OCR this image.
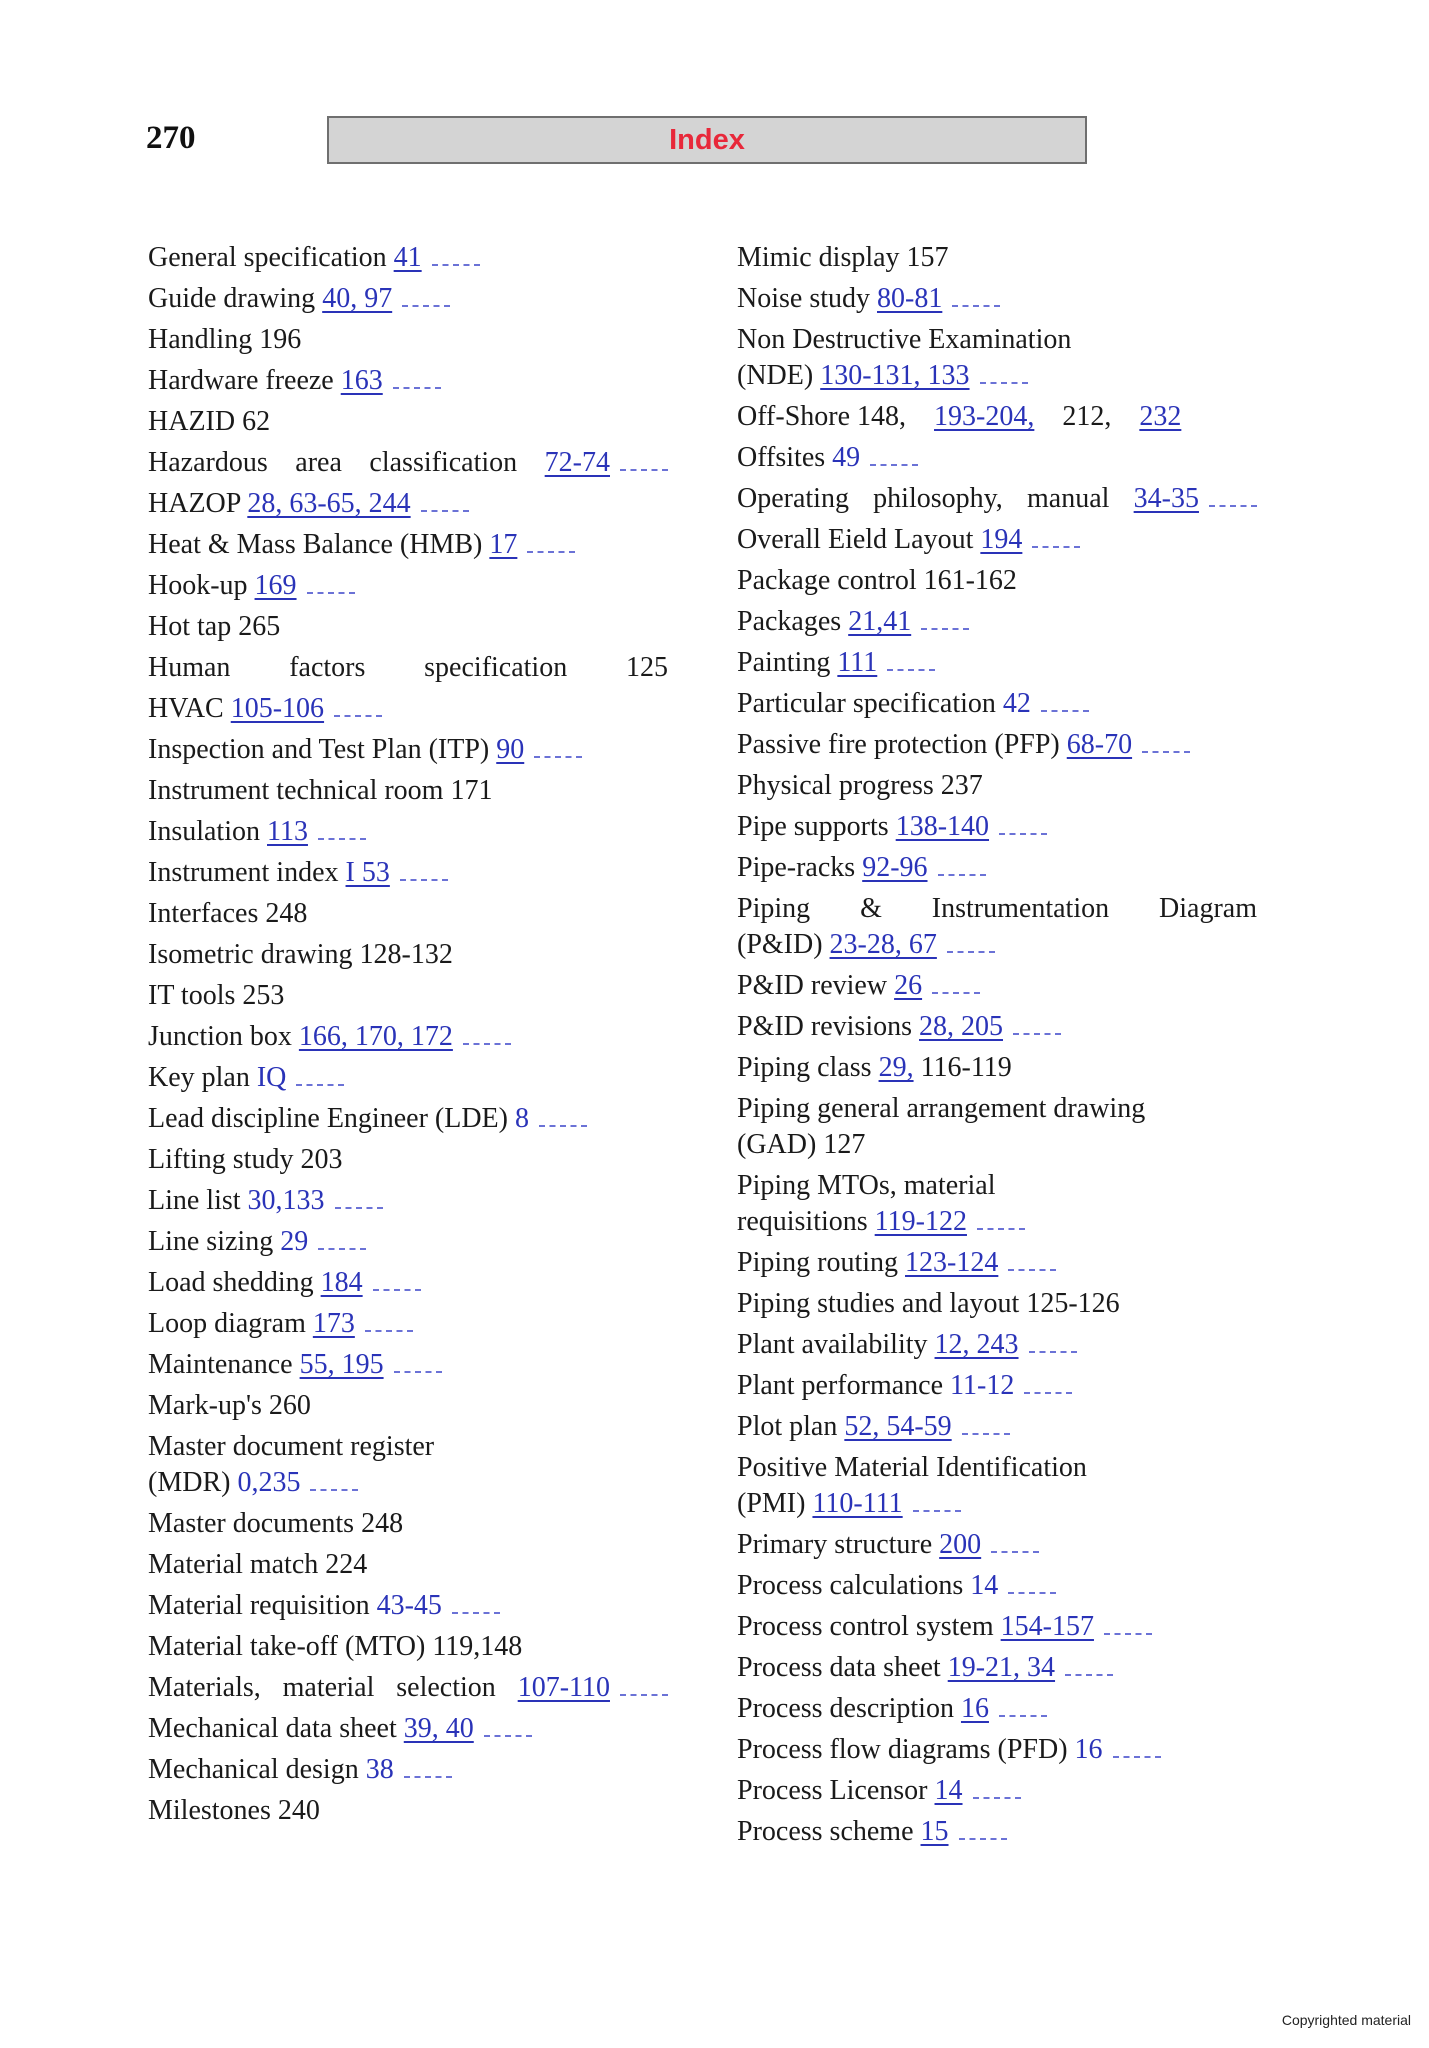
270	Index
General specification 41
Guide drawing 40, 97
Handling 196
Hardware freeze 163
HAZID 62
Hazardous area classification 72-74
HAZOP 28, 63-65, 244
Heat & Mass Balance (HMB) 17
Hook-up 169
Hot tap 265
Human factors specification 125
HVAC 105-106
Inspection and Test Plan (ITP) 90
Instrument technical room 171
Insulation 113
Instrument index I 53
Interfaces 248
Isometric drawing 128-132
IT tools 253
Junction box 166, 170, 172
Key plan IQ
Lead discipline Engineer (LDE) 8
Lifting study 203
Line list 30,133
Line sizing 29
Load shedding 184
Loop diagram 173
Maintenance 55, 195
Mark-up's 260
Master document register
(MDR) 0,235
Master documents 248
Material match 224
Material requisition 43-45
Material take-off (MTO) 119,148
Materials, material selection 107-110
Mechanical data sheet 39, 40
Mechanical design 38
Milestones 240
Mimic display 157
Noise study 80-81
Non Destructive Examination
(NDE) 130-131, 133
Off-Shore 148,  193-204,  212,  232
Offsites 49
Operating philosophy, manual 34-35
Overall Eield Layout 194
Package control 161-162
Packages 21,41
Painting 111
Particular specification 42
Passive fire protection (PFP) 68-70
Physical progress 237
Pipe supports 138-140
Pipe-racks 92-96
Piping & Instrumentation Diagram
(P&ID) 23-28, 67
P&ID review 26
P&ID revisions 28, 205
Piping class 29, 116-119
Piping general arrangement drawing
(GAD) 127
Piping MTOs, material
requisitions 119-122
Piping routing 123-124
Piping studies and layout 125-126
Plant availability 12, 243
Plant performance 11-12
Plot plan 52, 54-59
Positive Material Identification
(PMI) 110-111
Primary structure 200
Process calculations 14
Process control system 154-157
Process data sheet 19-21, 34
Process description 16
Process flow diagrams (PFD) 16
Process Licensor 14
Process scheme 15
Copyrighted material
